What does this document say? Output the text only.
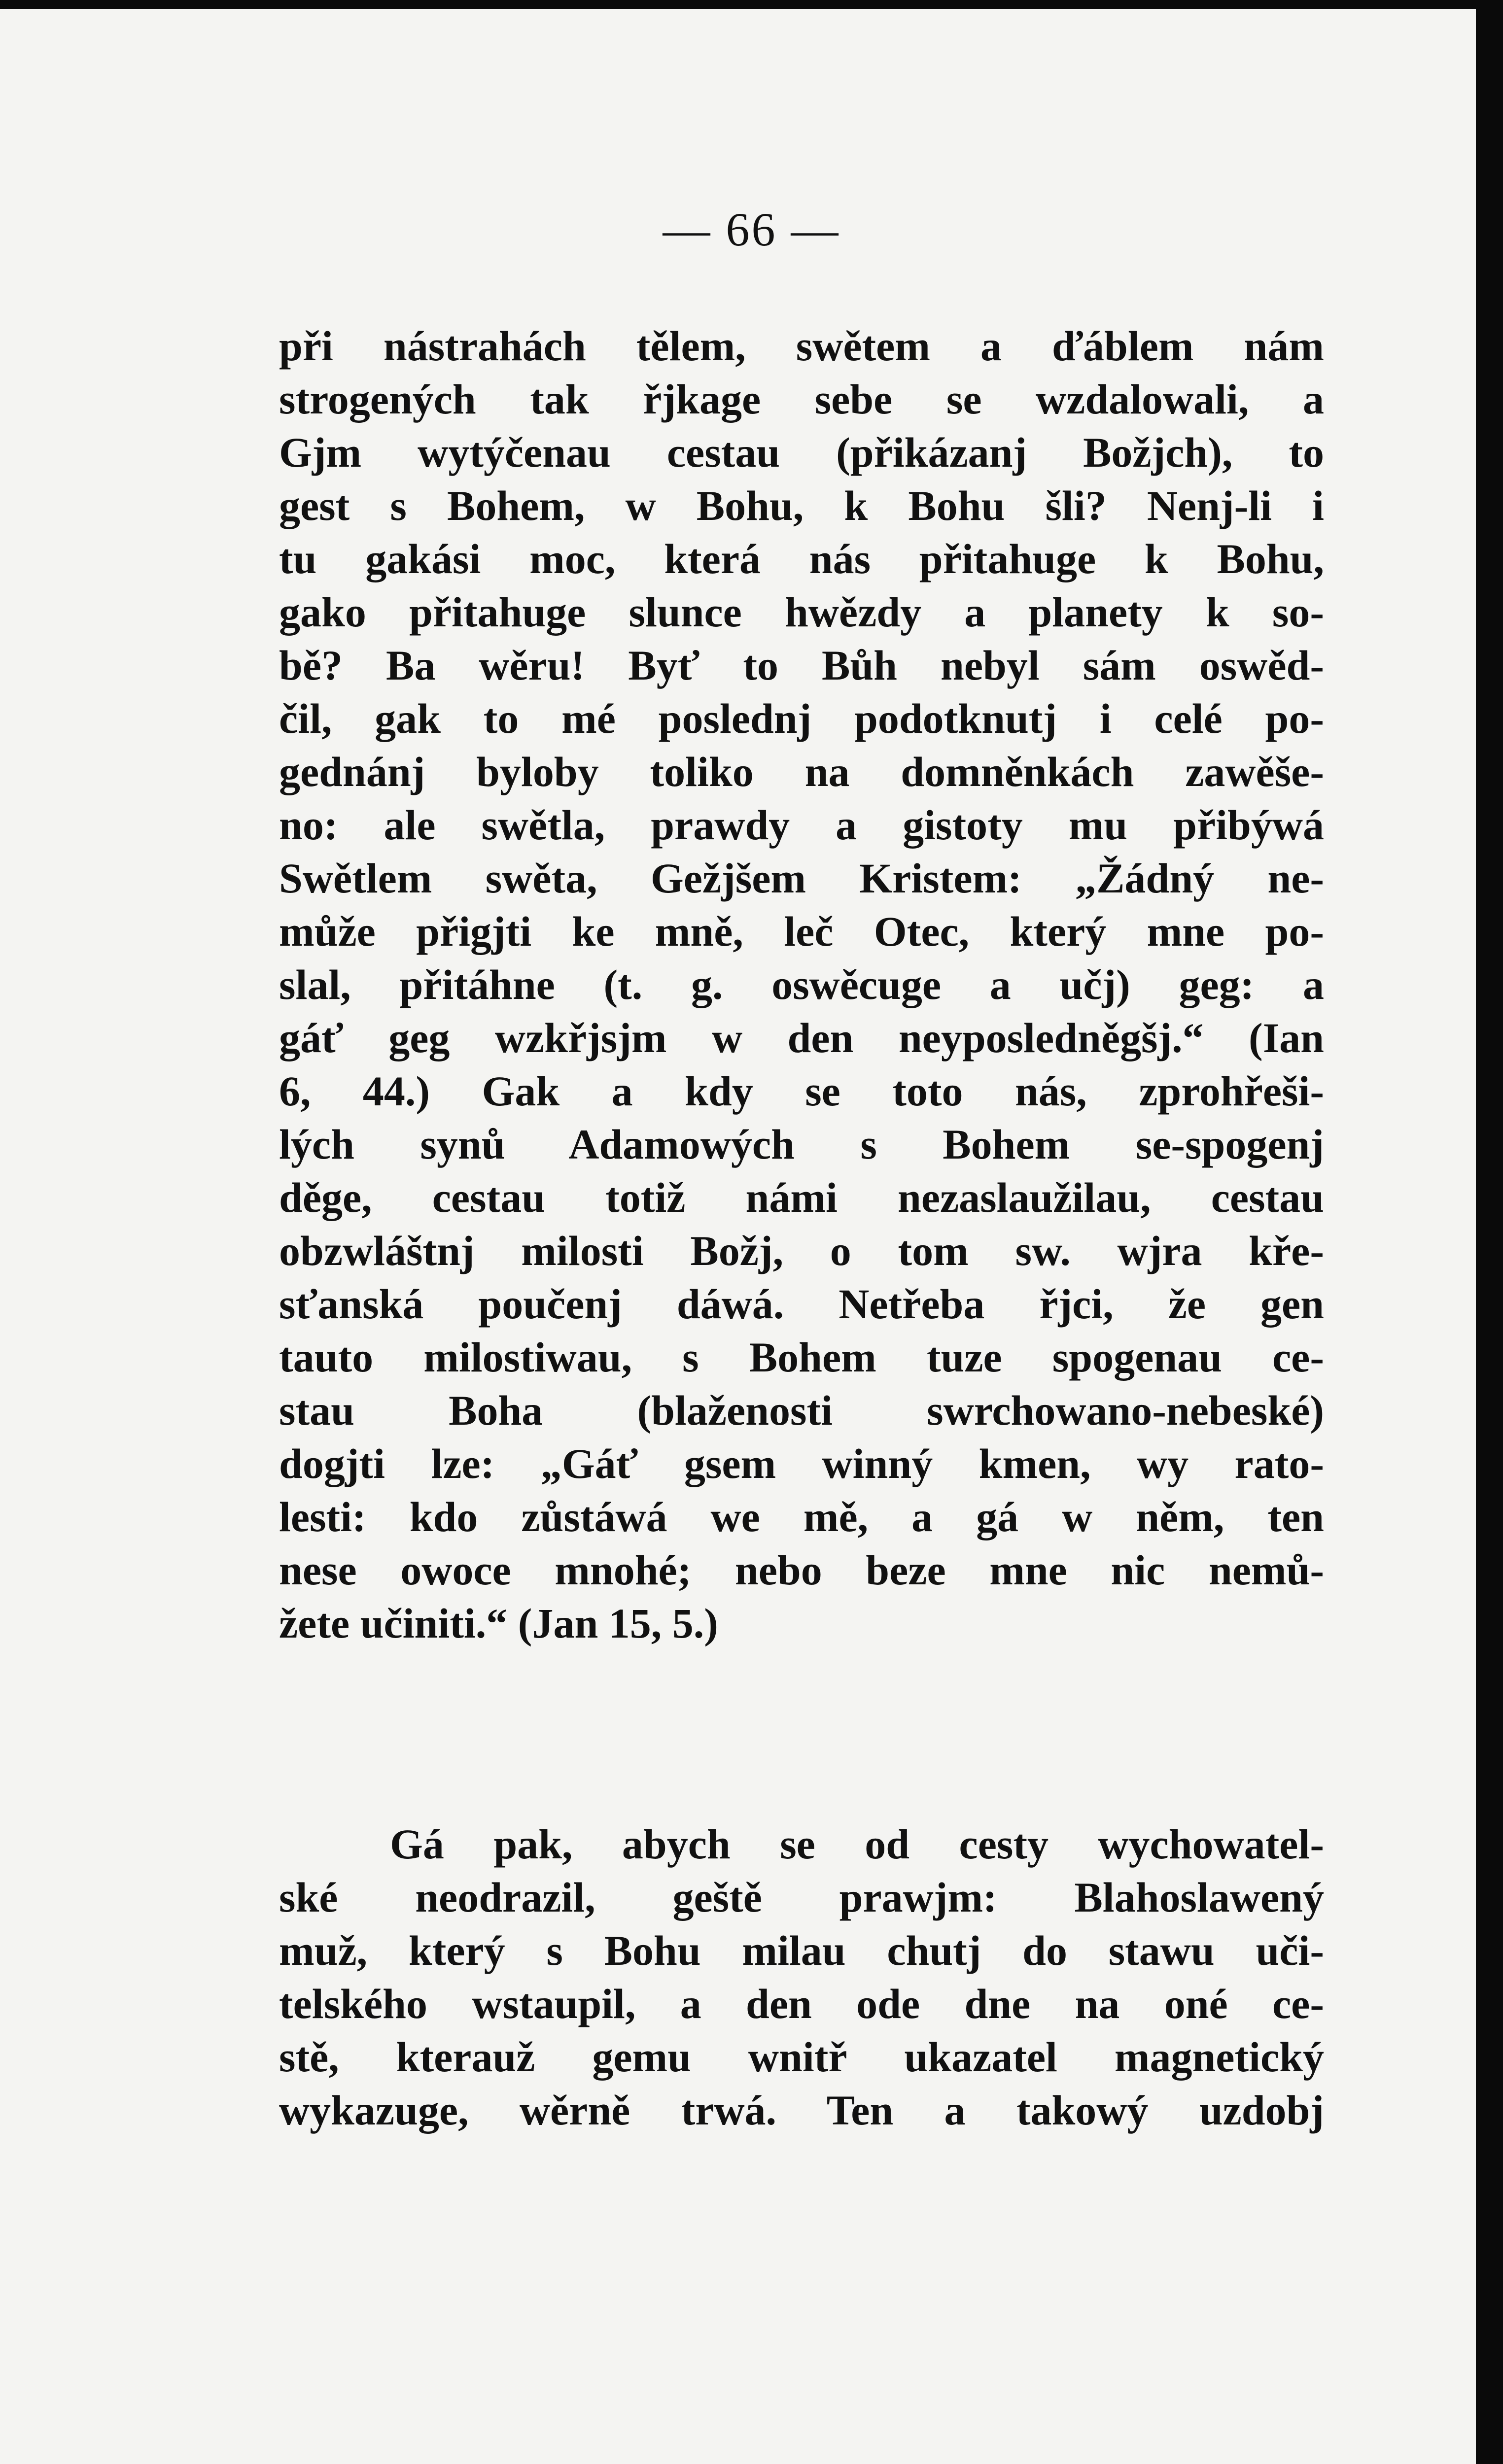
— 66 —
při nástrahách tělem, swětem a ďáblem nám
strogených tak řjkage sebe se wzdalowali, a
Gjm wytýčenau cestau (přikázanj Božjch), to
gest s Bohem, w Bohu, k Bohu šli? Nenj-li i
tu gakási moc, která nás přitahuge k Bohu,
gako přitahuge slunce hwězdy a planety k so-
bě? Ba wěru! Byť to Bůh nebyl sám oswěd-
čil, gak to mé poslednj podotknutj i celé po-
gednánj byloby toliko na domněnkách zawěše-
no: ale swětla, prawdy a gistoty mu přibýwá
Swětlem swěta, Gežjšem Kristem: „Žádný ne-
může přigjti ke mně, leč Otec, který mne po-
slal, přitáhne (t. g. oswěcuge a učj) geg: a
gáť geg wzkřjsjm w den neyposledněgšj.“ (Ian
6, 44.) Gak a kdy se toto nás, zprohřeši-
lých synů Adamowých s Bohem se-spogenj
děge, cestau totiž námi nezaslaužilau, cestau
obzwláštnj milosti Božj, o tom sw. wjra kře-
sťanská poučenj dáwá. Netřeba řjci, že gen
tauto milostiwau, s Bohem tuze spogenau ce-
stau Boha (blaženosti swrchowano-nebeské)
dogjti lze: „Gáť gsem winný kmen, wy rato-
lesti: kdo zůstáwá we mě, a gá w něm, ten
nese owoce mnohé; nebo beze mne nic nemů-
žete učiniti.“ (Jan 15, 5.)
Gá pak, abych se od cesty wychowatel-
ské neodrazil, geště prawjm: Blahoslawený
muž, který s Bohu milau chutj do stawu uči-
telského wstaupil, a den ode dne na oné ce-
stě, kterauž gemu wnitř ukazatel magnetický
wykazuge, wěrně trwá. Ten a takowý uzdobj
